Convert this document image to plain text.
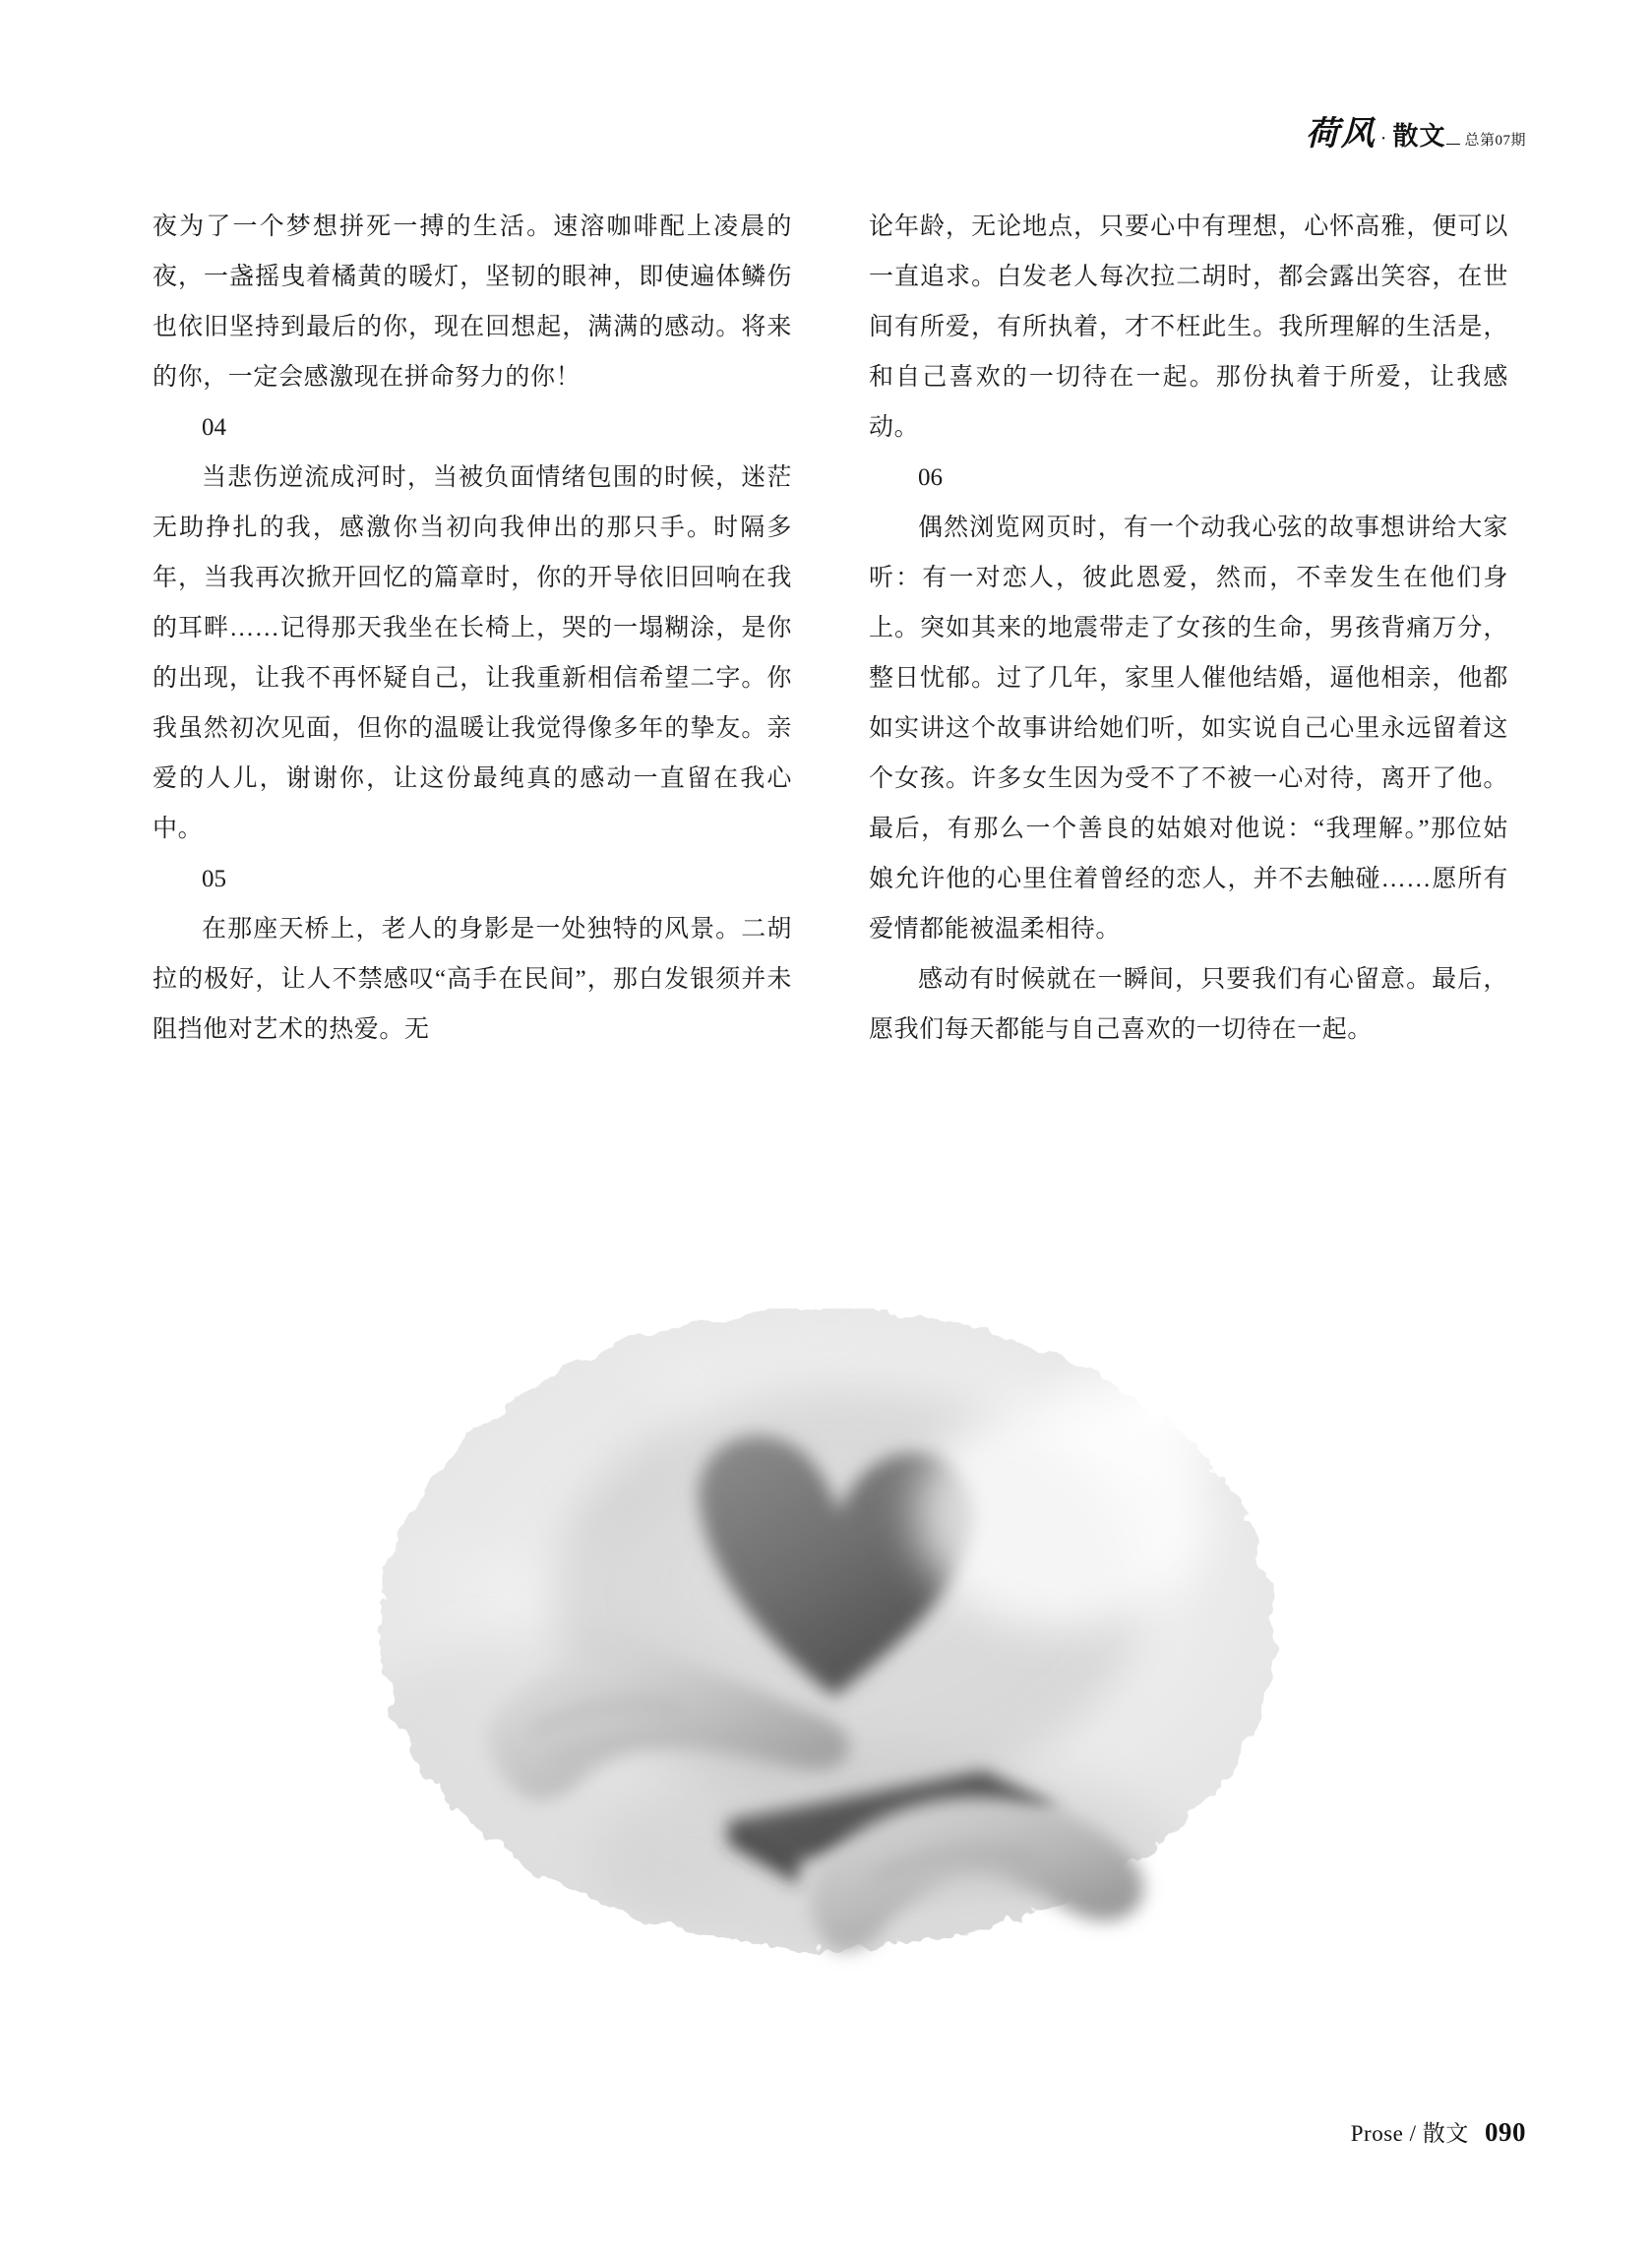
荷风 · 散文 总第07期

夜为了一个梦想拼死一搏的生活。速溶咖啡配上凌晨的夜，一盏摇曳着橘黄的暖灯，坚韧的眼神，即使遍体鳞伤也依旧坚持到最后的你，现在回想起，满满的感动。将来的你，一定会感激现在拼命努力的你！

04

当悲伤逆流成河时，当被负面情绪包围的时候，迷茫无助挣扎的我，感激你当初向我伸出的那只手。时隔多年，当我再次掀开回忆的篇章时，你的开导依旧回响在我的耳畔……记得那天我坐在长椅上，哭的一塌糊涂，是你的出现，让我不再怀疑自己，让我重新相信希望二字。你我虽然初次见面，但你的温暖让我觉得像多年的挚友。亲爱的人儿，谢谢你，让这份最纯真的感动一直留在我心中。

05

在那座天桥上，老人的身影是一处独特的风景。二胡拉的极好，让人不禁感叹“高手在民间”，那白发银须并未阻挡他对艺术的热爱。无

论年龄，无论地点，只要心中有理想，心怀高雅，便可以一直追求。白发老人每次拉二胡时，都会露出笑容，在世间有所爱，有所执着，才不枉此生。我所理解的生活是，和自己喜欢的一切待在一起。那份执着于所爱，让我感动。

06

偶然浏览网页时，有一个动我心弦的故事想讲给大家听：有一对恋人，彼此恩爱，然而，不幸发生在他们身上。突如其来的地震带走了女孩的生命，男孩背痛万分，整日忧郁。过了几年，家里人催他结婚，逼他相亲，他都如实讲这个故事讲给她们听，如实说自己心里永远留着这个女孩。许多女生因为受不了不被一心对待，离开了他。最后，有那么一个善良的姑娘对他说：“我理解。”那位姑娘允许他的心里住着曾经的恋人，并不去触碰……愿所有爱情都能被温柔相待。

感动有时候就在一瞬间，只要我们有心留意。最后，愿我们每天都能与自己喜欢的一切待在一起。

Prose / 散文 090
